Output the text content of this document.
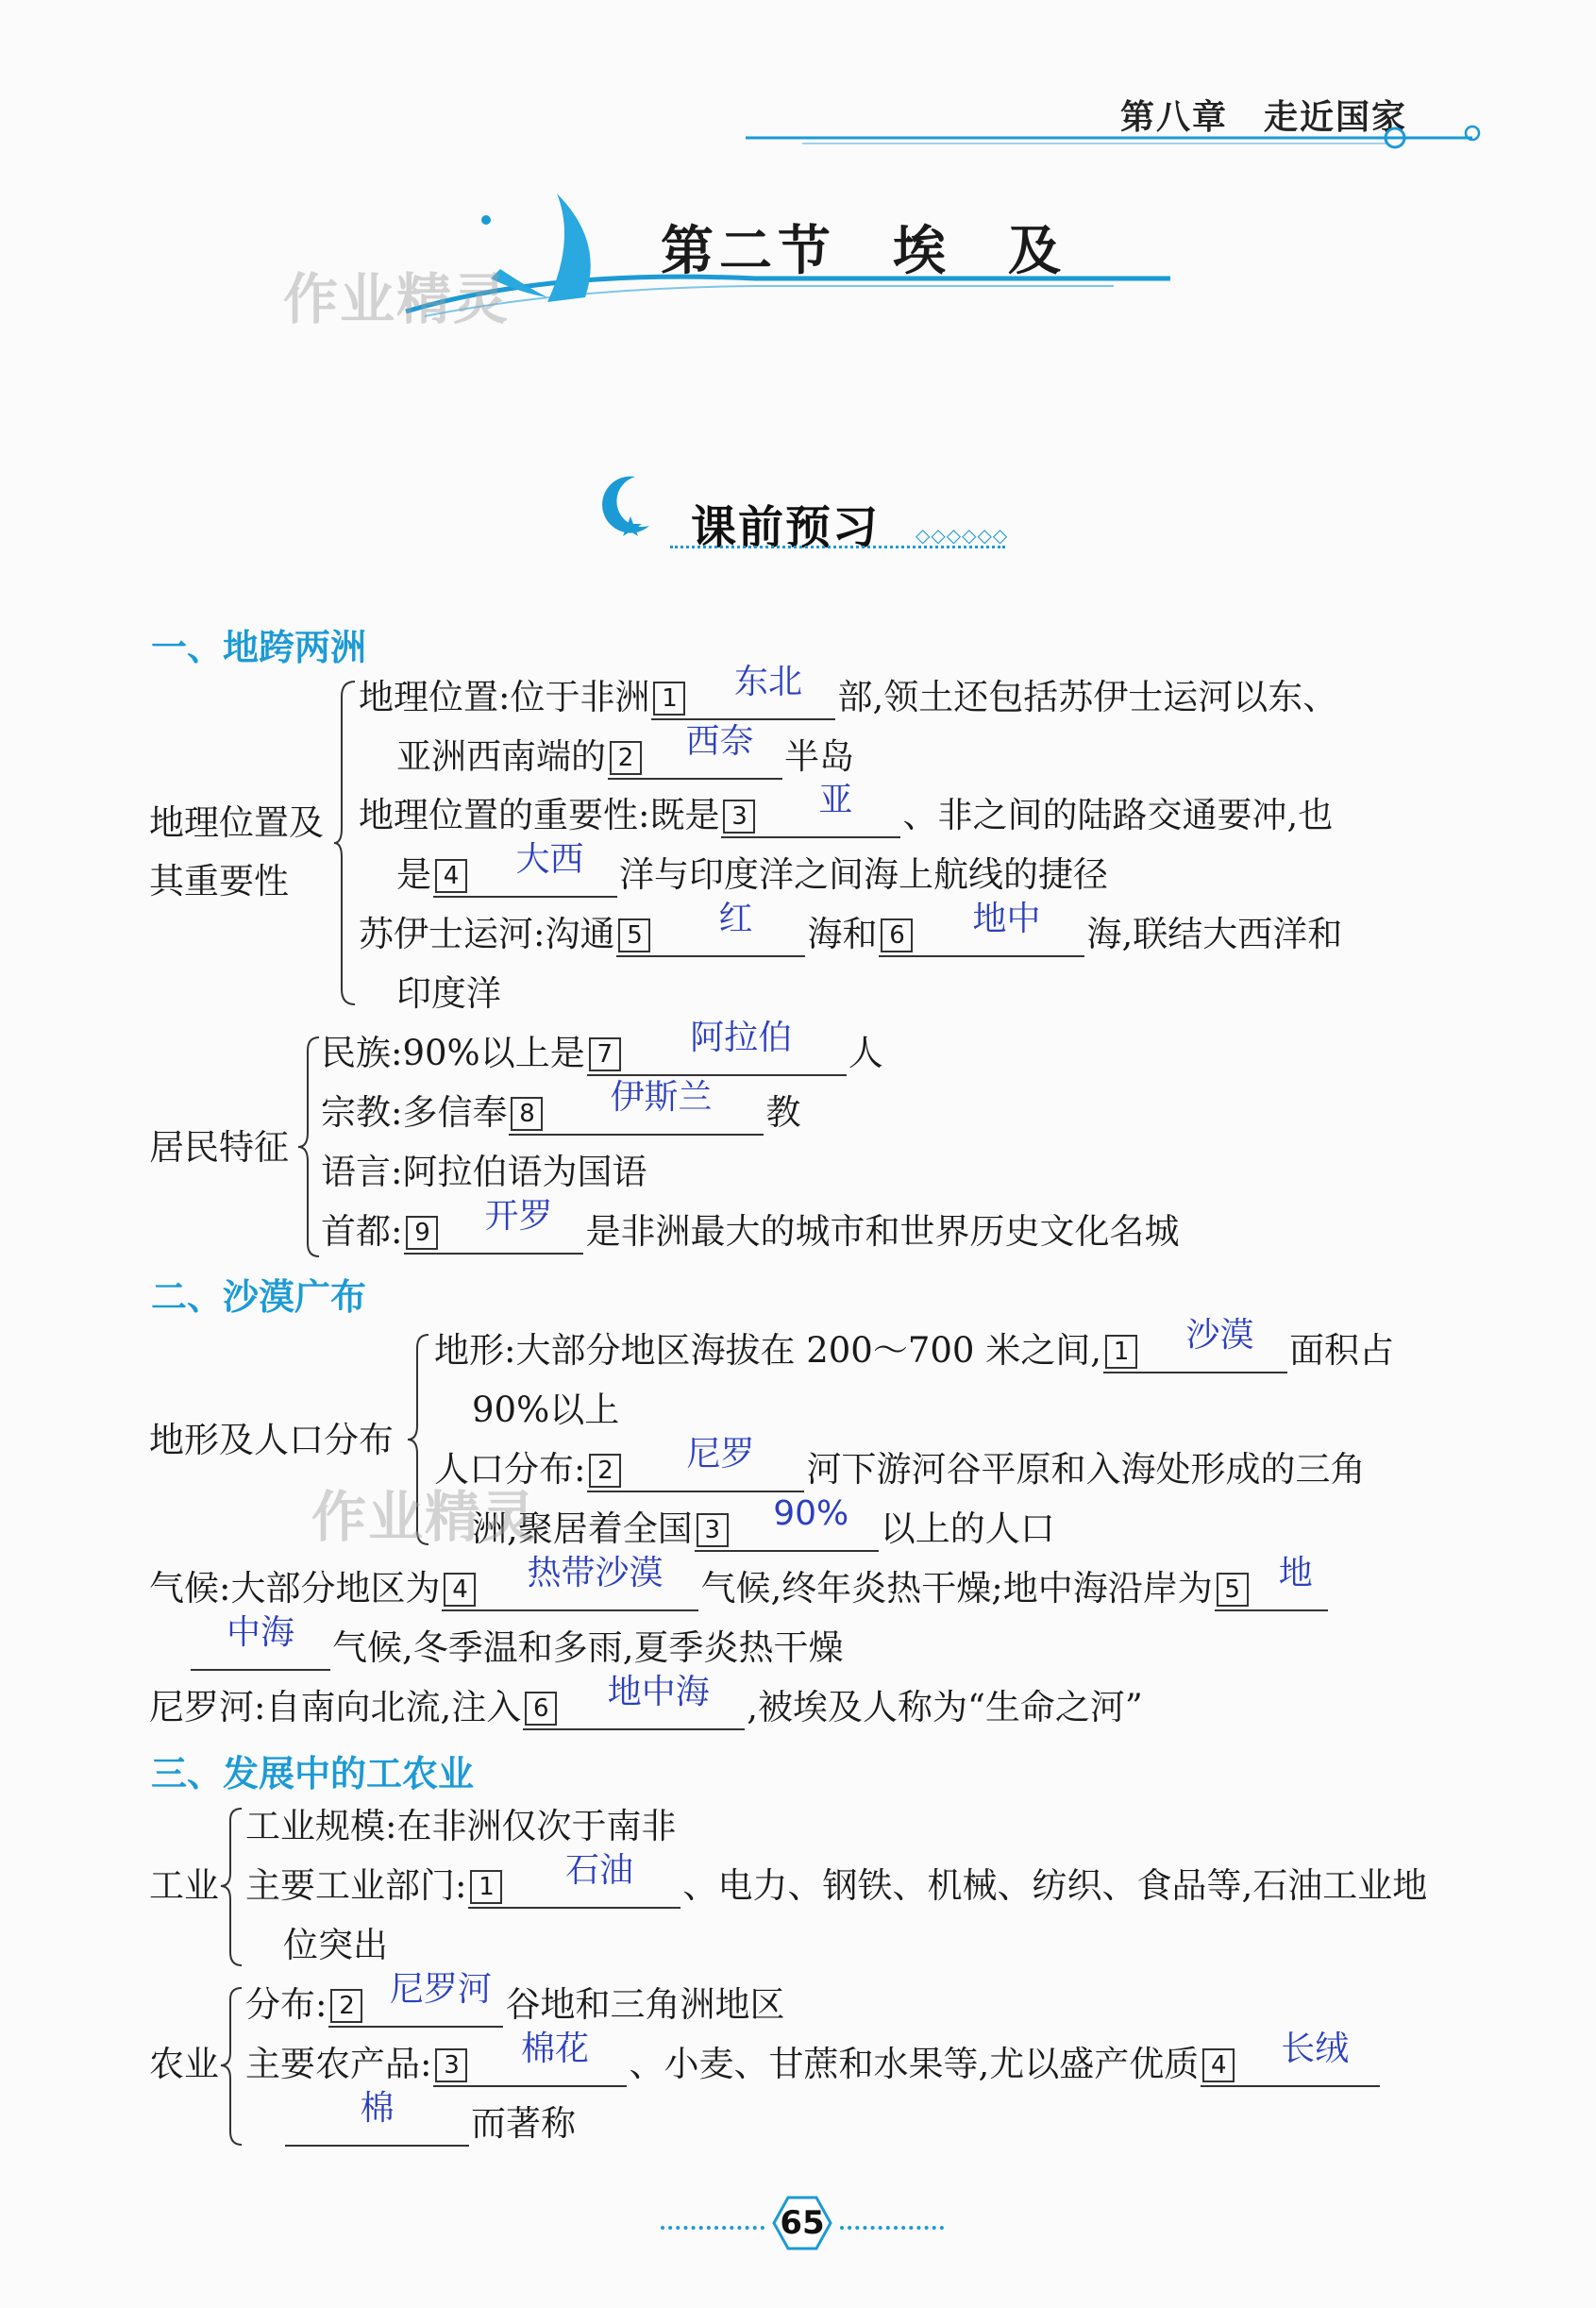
第八章　走近国家
作业精灵
第二节 埃 及
课前预习 ◇◇◇◇◇◇
一、地跨两洲
地理位置及
其重要性
地理位置:位于非洲 1	东北	部,领土还包括苏伊士运河以东、
亚洲西南端的 2	西奈 半岛
地理位置的重要性:既是 3	亚	、非之间的陆路交通要冲,也
是 4	大西	洋与印度洋之间海上航线的捷径
苏伊士运河:沟通 5	红	海和 6	地中	海,联结大西洋和
印度洋
居民特征
民族:90%以上是 7	阿拉伯	人
宗教:多信奉 8	伊斯兰	教
语言:阿拉伯语为国语
首都: 9	开罗 是非洲最大的城市和世界历史文化名城
二、沙漠广布
地形及人口分布
地形:大部分地区海拔在 200～700 米之间, 1	沙漠	面积占
90%以上
人口分布: 2	尼罗	河下游河谷平原和入海处形成的三角
洲,聚居着全国 3	90% 以上的人口
作业精灵
气候:大部分地区为 4	热带沙漠	气候,终年炎热干燥;地中海沿岸为 5	地
中海	气候,冬季温和多雨,夏季炎热干燥
尼罗河:自南向北流,注入 6	地中海	,被埃及人称为“生命之河”
三、发展中的工农业
工业
工业规模:在非洲仅次于南非
主要工业部门: 1	石油	、电力、钢铁、机械、纺织、食品等,石油工业地
位突出
农业
分布: 2	尼罗河 谷地和三角洲地区
主要农产品: 3	棉花	、小麦、甘蔗和水果等,尤以盛产优质 4	长绒
棉	而著称
65
